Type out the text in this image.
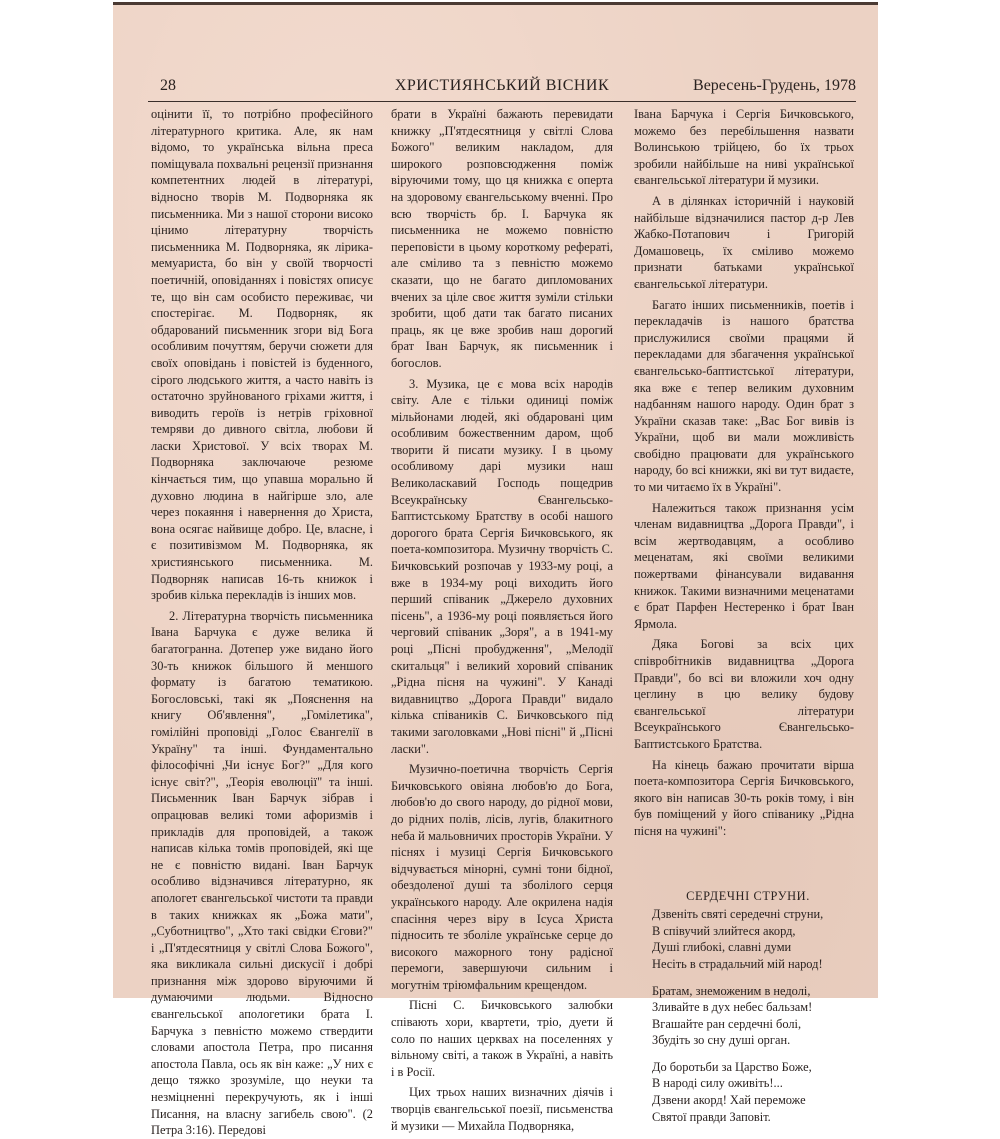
28	ХРИСТИЯНСЬКИЙ ВІСНИК	Вересень-Грудень, 1978

оцінити її, то потрібно професійного літературного критика. Але, як нам відомо, то українська вільна преса поміщувала похвальні рецензії признання компетентних людей в літературі, відносно творів М. Подворняка як письменника. Ми з нашої сторони високо цінимо літературну творчість письменника М. Подворняка, як лірика-мемуариста, бо він у своїй творчості поетичній, оповіданнях і повістях описує те, що він сам особисто переживає, чи спостерігає. М. Подворняк, як обдарований письменник згори від Бога особливим почуттям, беручи сюжети для своїх оповідань і повістей із буденного, сірого людського життя, а часто навіть із остаточно зруйнованого гріхами життя, і виводить героїв із нетрів гріховної темряви до дивного світла, любови й ласки Христової. У всіх творах М. Подворняка заключаюче резюме кінчається тим, що упавша морально й духовно людина в найгірше зло, але через покаяння і навернення до Христа, вона осягає найвище добро. Це, власне, і є позитивізмом М. Подворняка, як християнського письменника. М. Подворняк написав 16-ть книжок і зробив кілька перекладів із інших мов.

2. Літературна творчість письменника Івана Барчука є дуже велика й багатогранна. Дотепер уже видано його 30-ть книжок більшого й меншого формату із багатою тематикою. Богословські, такі як „Пояснення на книгу Об'явлення", „Гомілетика", гомілійні проповіді „Голос Євангелії в Україну" та інші. Фундаментально філософічні „Чи існує Бог?" „Для кого існує світ?", „Теорія еволюції" та інші. Письменник Іван Барчук зібрав і опрацював великі томи афоризмів і прикладів для проповідей, а також написав кілька томів проповідей, які ще не є повністю видані. Іван Барчук особливо відзначився літературно, як апологет євангельської чистоти та правди в таких книжках як „Божа мати", „Суботництво", „Хто такі свідки Єгови?" і „П'ятдесятниця у світлі Слова Божого", яка викликала сильні дискусії і добрі признання між здорово віруючими й думаючими людьми. Відносно євангельської апологетики брата І. Барчука з певністю можемо ствердити словами апостола Петра, про писання апостола Павла, ось як він каже: „У них є дещо тяжко зрозуміле, що неуки та незміцненні перекручують, як і інші Писання, на власну загибель свою". (2 Петра 3:16). Передові

брати в Україні бажають перевидати книжку „П'ятдесятниця у світлі Слова Божого" великим накладом, для широкого розповсюдження поміж віруючими тому, що ця книжка є оперта на здоровому євангельському вченні. Про всю творчість бр. І. Барчука як письменника не можемо повністю переповісти в цьому короткому рефераті, але сміливо та з певністю можемо сказати, що не багато дипломованих вчених за ціле своє життя зуміли стільки зробити, щоб дати так багато писаних праць, як це вже зробив наш дорогий брат Іван Барчук, як письменник і богослов.

3. Музика, це є мова всіх народів світу. Але є тільки одиниці поміж мільйонами людей, які обдаровані цим особливим божественним даром, щоб творити й писати музику. І в цьому особливому дарі музики наш Великоласкавий Господь пощедрив Всеукраїнську Євангельсько-Баптистському Братству в особі нашого дорогого брата Сергія Бичковського, як поета-композитора. Музичну творчість С. Бичковський розпочав у 1933-му році, а вже в 1934-му році виходить його перший співаник „Джерело духовних пісень", а 1936-му році появляється його черговий співаник „Зоря", а в 1941-му році „Пісні пробудження", „Мелодії скитальця" і великий хоровий співаник „Рідна пісня на чужині". У Канаді видавництво „Дорога Правди" видало кілька співаників С. Бичковського під такими заголовками „Нові пісні" й „Пісні ласки".

Музично-поетична творчість Сергія Бичковського овіяна любов'ю до Бога, любов'ю до свого народу, до рідної мови, до рідних полів, лісів, лугів, блакитного неба й мальовничих просторів України. У піснях і музиці Сергія Бичковського відчувається мінорні, сумні тони бідної, обездоленої душі та зболілого серця українського народу. Але окрилена надія спасіння через віру в Ісуса Христа підносить те зболіле українське серце до високого мажорного тону радісної перемоги, завершуючи сильним і могутнім тріюмфальним крещендом.

Пісні С. Бичковського залюбки співають хори, квартети, тріо, дуети й соло по наших церквах на поселеннях у вільному світі, а також в Україні, а навіть і в Росії.

Цих трьох наших визначних діячів і творців євангельської поезії, письменства й музики — Михайла Подворняка,

Івана Барчука і Сергія Бичковського, можемо без перебільшення назвати Волинською трійцею, бо їх трьох зробили найбільше на ниві української євангельської літератури й музики.

А в ділянках історичній і науковій найбільше відзначилися пастор д-р Лев Жабко-Потапович і Григорій Домашовець, їх сміливо можемо признати батьками української євангельської літератури.

Багато інших письменників, поетів і перекладачів із нашого братства прислужилися своїми працями й перекладами для збагачення української євангельсько-баптистської літератури, яка вже є тепер великим духовним надбанням нашого народу. Один брат з України сказав таке: „Вас Бог вивів із України, щоб ви мали можливість свобідно працювати для українського народу, бо всі книжки, які ви тут видаєте, то ми читаємо їх в Україні".

Належиться також признання усім членам видавництва „Дорога Правди", і всім жертводавцям, а особливо меценатам, які своїми великими пожертвами фінансували видавання книжок. Такими визначними меценатами є брат Парфен Нестеренко і брат Іван Ярмола.

Дяка Богові за всіх цих співробітників видавництва „Дорога Правди", бо всі ви вложили хоч одну цеглину в цю велику будову євангельської літератури Всеукраїнського Євангельсько-Баптистського Братства.

На кінець бажаю прочитати вірша поета-композитора Сергія Бичковського, якого він написав 30-ть років тому, і він був поміщений у його співанику „Рідна пісня на чужині":

СЕРДЕЧНІ СТРУНИ.
Дзвеніть святі середечні струни,
В співучий злийтеся акорд,
Душі глибокі, славні думи
Несіть в страдальчий мій народ!
Братам, знеможеним в недолі,
Зливайте в дух небес бальзам!
Вгашайте ран сердечні болі,
Збудіть зо сну душі орган.
До боротьби за Царство Боже,
В народі силу оживіть!...
Дзвени акорд! Хай переможе
Святої правди Заповіт.
